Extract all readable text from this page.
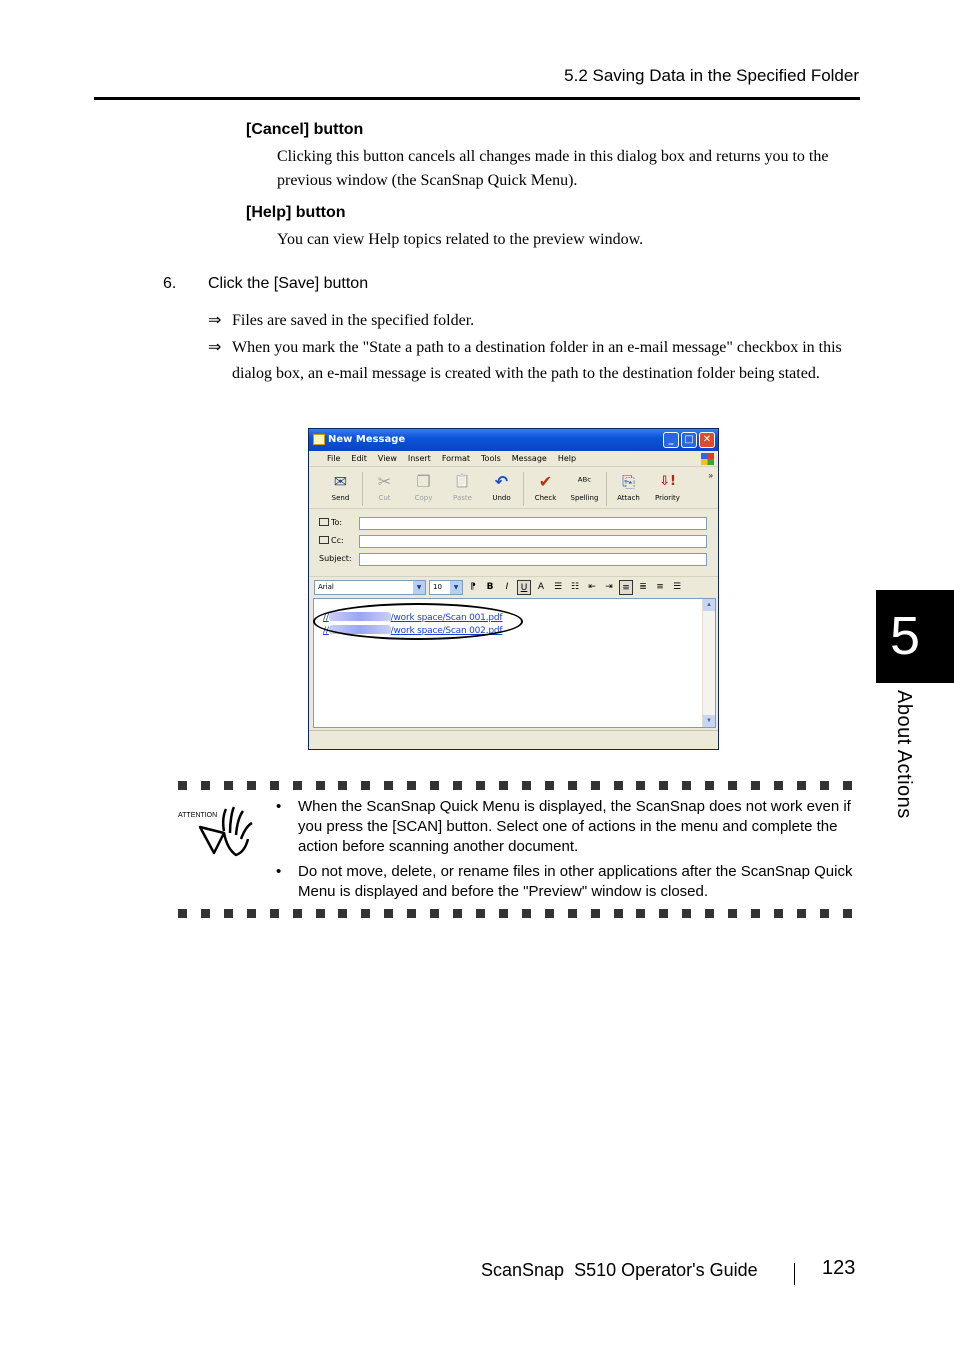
5.2 Saving Data in the Specified Folder
5
About Actions
[Cancel] button
Clicking this button cancels all changes made in this dialog box and returns you to the previous window (the ScanSnap Quick Menu).
[Help] button
You can view Help topics related to the preview window.
6. Click the [Save] button
⇒ Files are saved in the specified folder.
⇒ When you mark the "State a path to a destination folder in an e-mail message" checkbox in this dialog box, an e-mail message is created with the path to the destination folder being stated.
New Message	_	□ ✕
File Edit View Insert Format Tools Message Help
✉
Send
✂
Cut
❐
Copy
📋
Paste
↶
Undo
✔
Check
ᴬᴮᶜ
Spelling
⎘
Attach
⇩!
Priority
»
To:
Cc:
Subject:
Arial	▼	10	▼	⁋	B	I	U	A	☰ ☷	⇤	⇥	≡	≣	≡	☰
//	/work space/Scan 001.pdf
//	/work space/Scan 002.pdf
▲
▼
ATTENTION
• When the ScanSnap Quick Menu is displayed, the ScanSnap does not work even if you press the [SCAN] button. Select one of actions in the menu and complete the action before scanning another document.
• Do not move, delete, or rename files in other applications after the ScanSnap Quick Menu is displayed and before the "Preview" window is closed.
ScanSnap  S510 Operator's Guide	123
